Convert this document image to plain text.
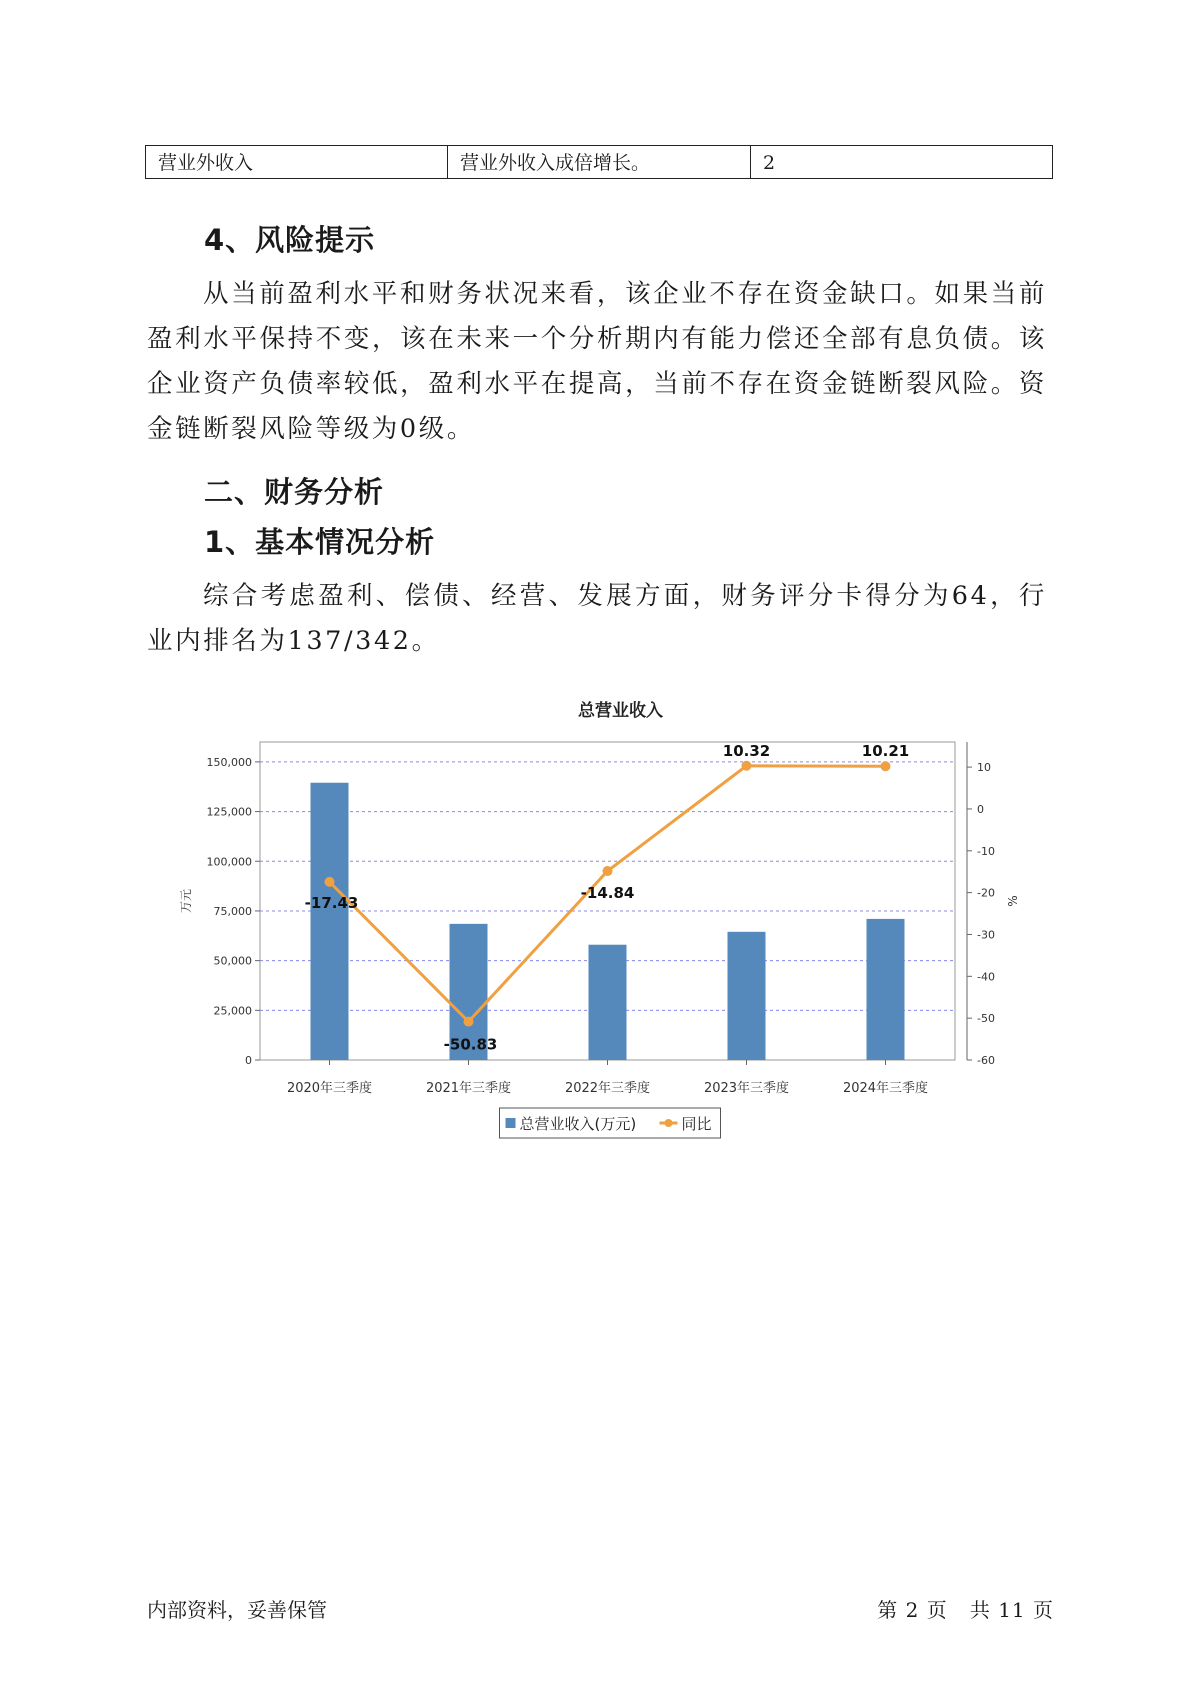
营业外收入	营业外收入成倍增长。	2
4、风险提示
从当前盈利水平和财务状况来看，该企业不存在资金缺口。如果当前盈利水平保持不变，该在未来一个分析期内有能力偿还全部有息负债。该企业资产负债率较低，盈利水平在提高，当前不存在资金链断裂风险。资金链断裂风险等级为0级。
二、财务分析
1、基本情况分析
综合考虑盈利、偿债、经营、发展方面，财务评分卡得分为64，行业内排名为137/342。
总营业收入
0
25,000
50,000
75,000
100,000
125,000
150,000
万元
-60
-50
-40
-30
-20
-10
0
10
%
2020年三季度	2021年三季度	2022年三季度	2023年三季度	2024年三季度
-17.43
-50.83
-14.84
10.32	10.21
总营业收入(万元)	同比
内部资料，妥善保管	第 2 页 共 11 页
